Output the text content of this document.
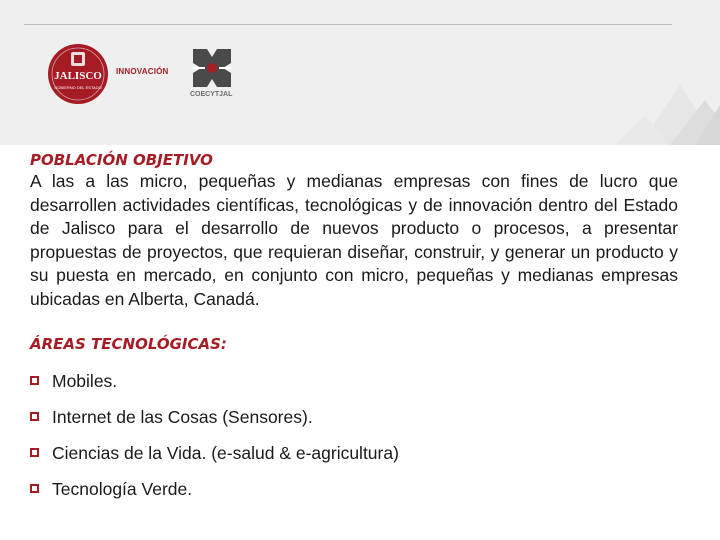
JALISCO
GOBIERNO DEL ESTADO
INNOVACIÓN
COECYTJAL
POBLACIÓN OBJETIVO

A las a las micro, pequeñas y medianas empresas con fines de lucro que desarrollen actividades científicas, tecnológicas y de innovación dentro del Estado de Jalisco para el desarrollo de nuevos producto o procesos, a presentar propuestas de proyectos, que requieran diseñar, construir, y generar un producto y su puesta en mercado, en conjunto con micro, pequeñas y medianas empresas ubicadas en Alberta, Canadá.

ÁREAS TECNOLÓGICAS:
Mobiles.
Internet de las Cosas (Sensores).
Ciencias de la Vida. (e-salud & e-agricultura)
Tecnología Verde.
